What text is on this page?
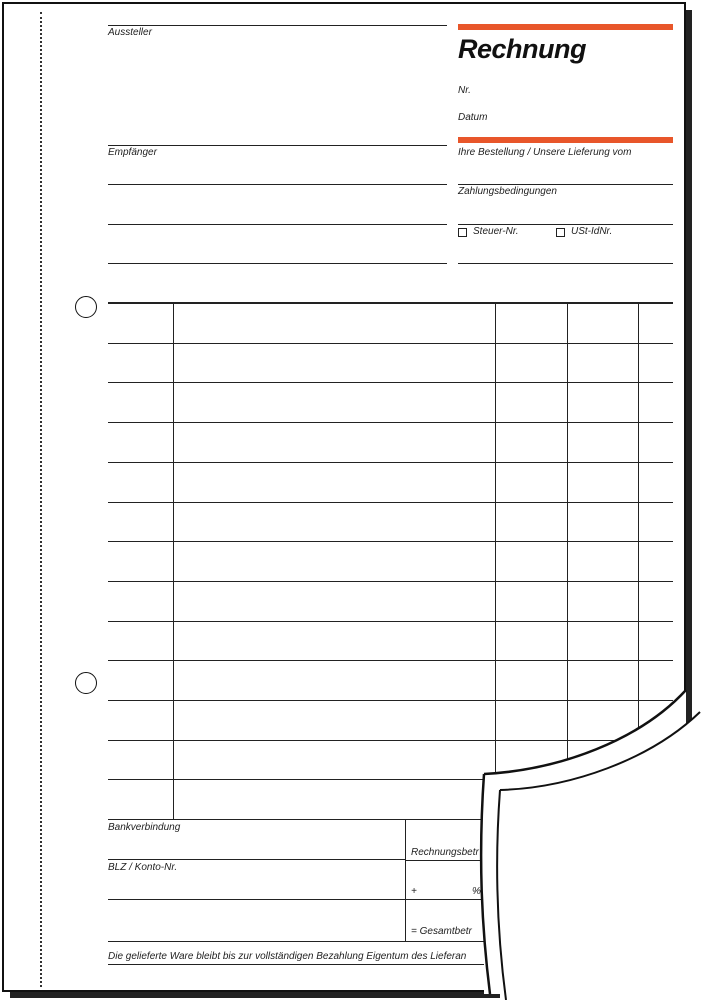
Aussteller
Rechnung
Nr.
Datum
Empfänger	Ihre Bestellung / Unsere Lieferung vom
Zahlungsbedingungen
Steuer-Nr.	USt-IdNr.
Bankverbindung
BLZ / Konto-Nr.
Rechnungsbetr
+	%
= Gesamtbetr
Die gelieferte Ware bleibt bis zur vollständigen Bezahlung Eigentum des Lieferan
